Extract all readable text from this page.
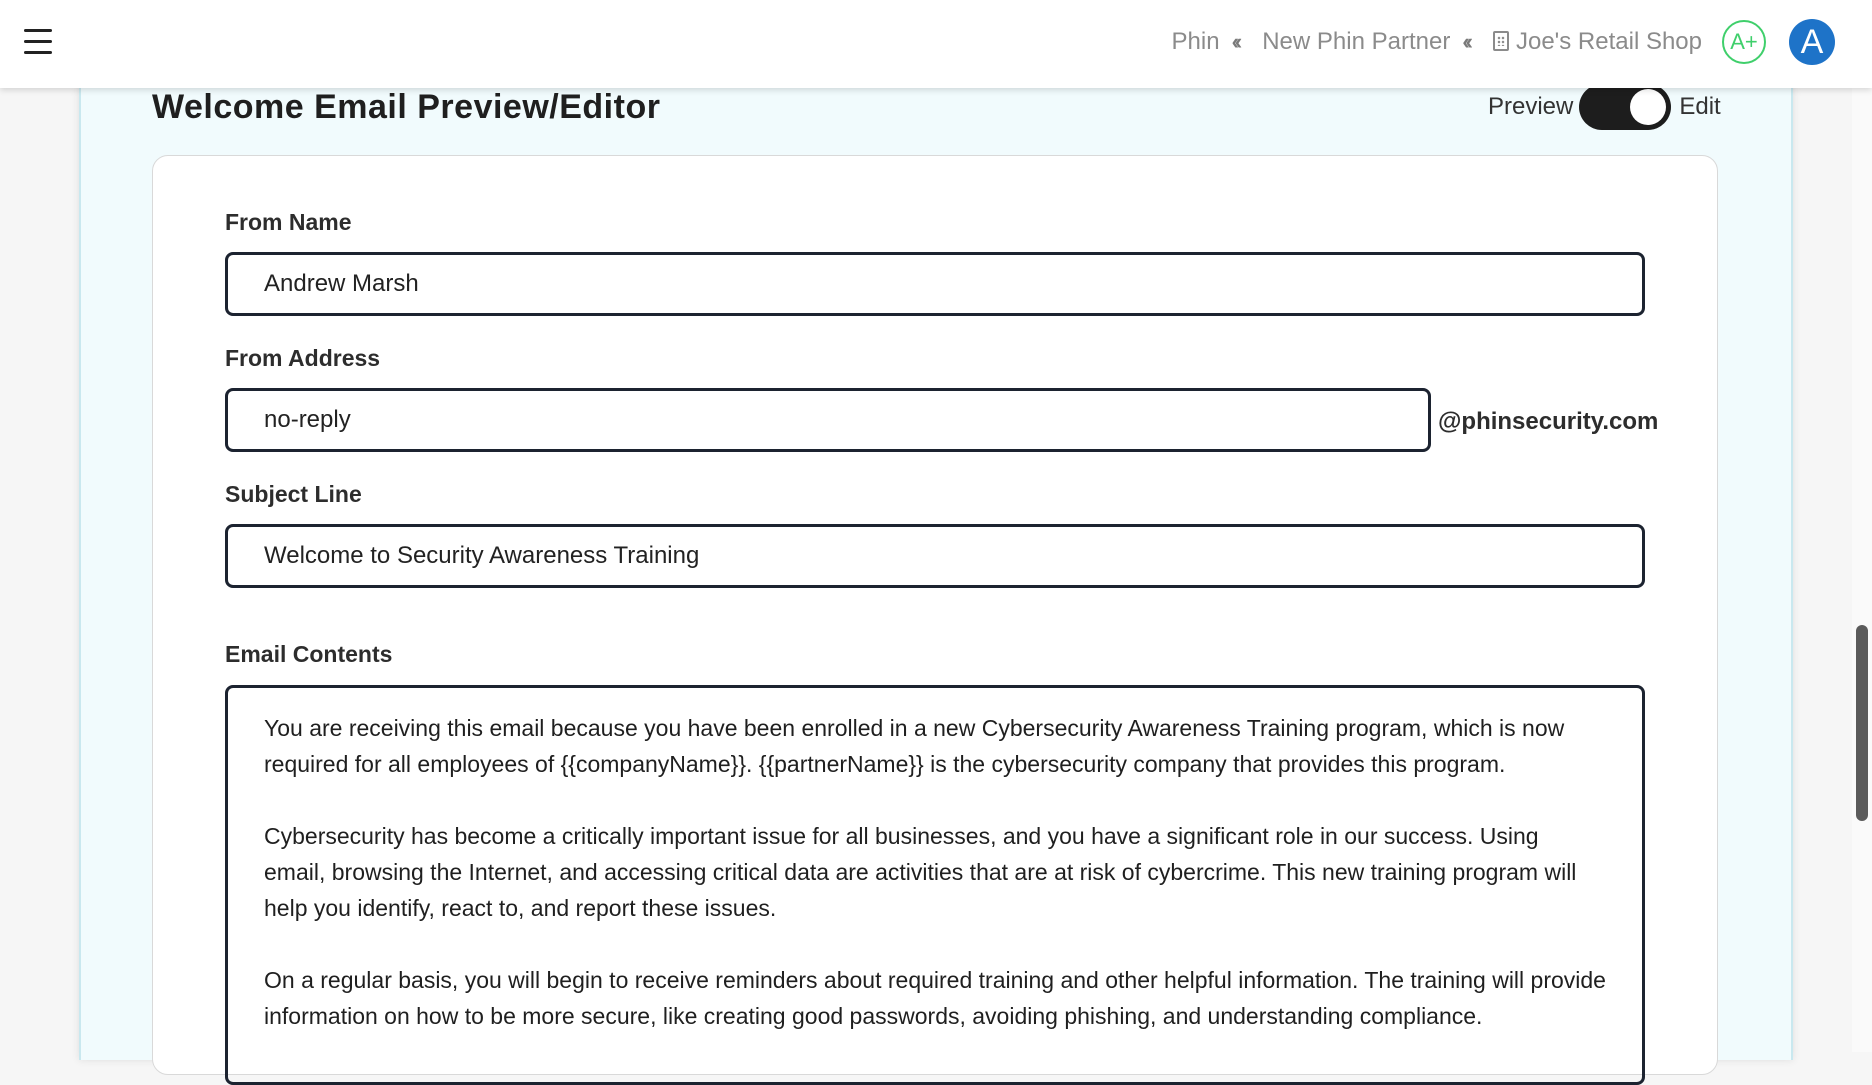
Phin ‹‹ New Phin Partner ‹‹	Joe's Retail Shop	A+	A
Welcome Email Preview/Editor	Preview	Edit
From Name
Andrew Marsh
From Address
no-reply
@phinsecurity.com
Subject Line
Welcome to Security Awareness Training
Email Contents

You are receiving this email because you have been enrolled in a new Cybersecurity Awareness Training program, which is now required for all employees of {{companyName}}. {{partnerName}} is the cybersecurity company that provides this program.

Cybersecurity has become a critically important issue for all businesses, and you have a significant role in our success. Using email, browsing the Internet, and accessing critical data are activities that are at risk of cybercrime. This new training program will help you identify, react to, and report these issues.

On a regular basis, you will begin to receive reminders about required training and other helpful information. The training will provide information on how to be more secure, like creating good passwords, avoiding phishing, and understanding compliance.
